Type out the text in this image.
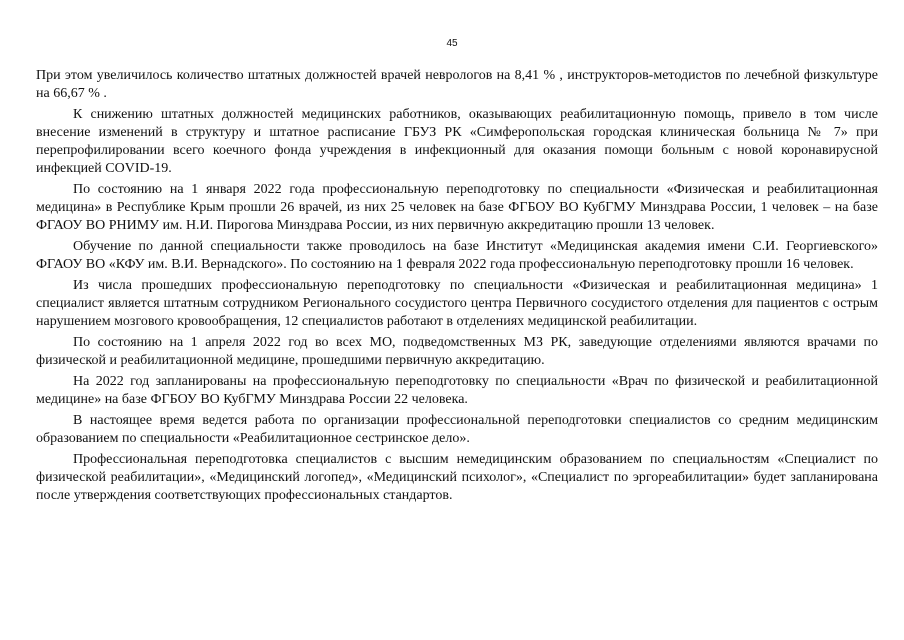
45

При этом увеличилось количество штатных должностей врачей неврологов на 8,41 % , инструкторов-методистов по лечебной физкультуре на 66,67 % .

К снижению штатных должностей медицинских работников, оказывающих реабилитационную помощь, привело в том числе внесение изменений в структуру и штатное расписание ГБУЗ РК «Симферопольская городская клиническая больница № 7» при перепрофилировании всего коечного фонда учреждения в инфекционный для оказания помощи больным с новой коронавирусной инфекцией COVID-19.

По состоянию на 1 января 2022 года профессиональную переподготовку по специальности «Физическая и реабилитационная медицина» в Республике Крым прошли 26 врачей, из них 25 человек на базе ФГБОУ ВО КубГМУ Минздрава России, 1 человек – на базе ФГАОУ ВО РНИМУ им. Н.И. Пирогова Минздрава России, из них первичную аккредитацию прошли 13 человек.

Обучение по данной специальности также проводилось на базе Институт «Медицинская академия имени С.И. Георгиевского» ФГАОУ ВО «КФУ им. В.И. Вернадского». По состоянию на 1 февраля 2022 года профессиональную переподготовку прошли 16 человек.

Из числа прошедших профессиональную переподготовку по специальности «Физическая и реабилитационная медицина» 1 специалист является штатным сотрудником Регионального сосудистого центра Первичного сосудистого отделения для пациентов с острым нарушением мозгового кровообращения, 12 специалистов работают в отделениях медицинской реабилитации.

По состоянию на 1 апреля 2022 год во всех МО, подведомственных МЗ РК, заведующие отделениями являются врачами по физической и реабилитационной медицине, прошедшими первичную аккредитацию.

На 2022 год запланированы на профессиональную переподготовку по специальности «Врач по физической и реабилитационной медицине» на базе ФГБОУ ВО КубГМУ Минздрава России 22 человека.

В настоящее время ведется работа по организации профессиональной переподготовки специалистов со средним медицинским образованием по специальности «Реабилитационное сестринское дело».

Профессиональная переподготовка специалистов с высшим немедицинским образованием по специальностям «Специалист по физической реабилитации», «Медицинский логопед», «Медицинский психолог», «Специалист по эргореабилитации» будет запланирована после утверждения соответствующих профессиональных стандартов.
